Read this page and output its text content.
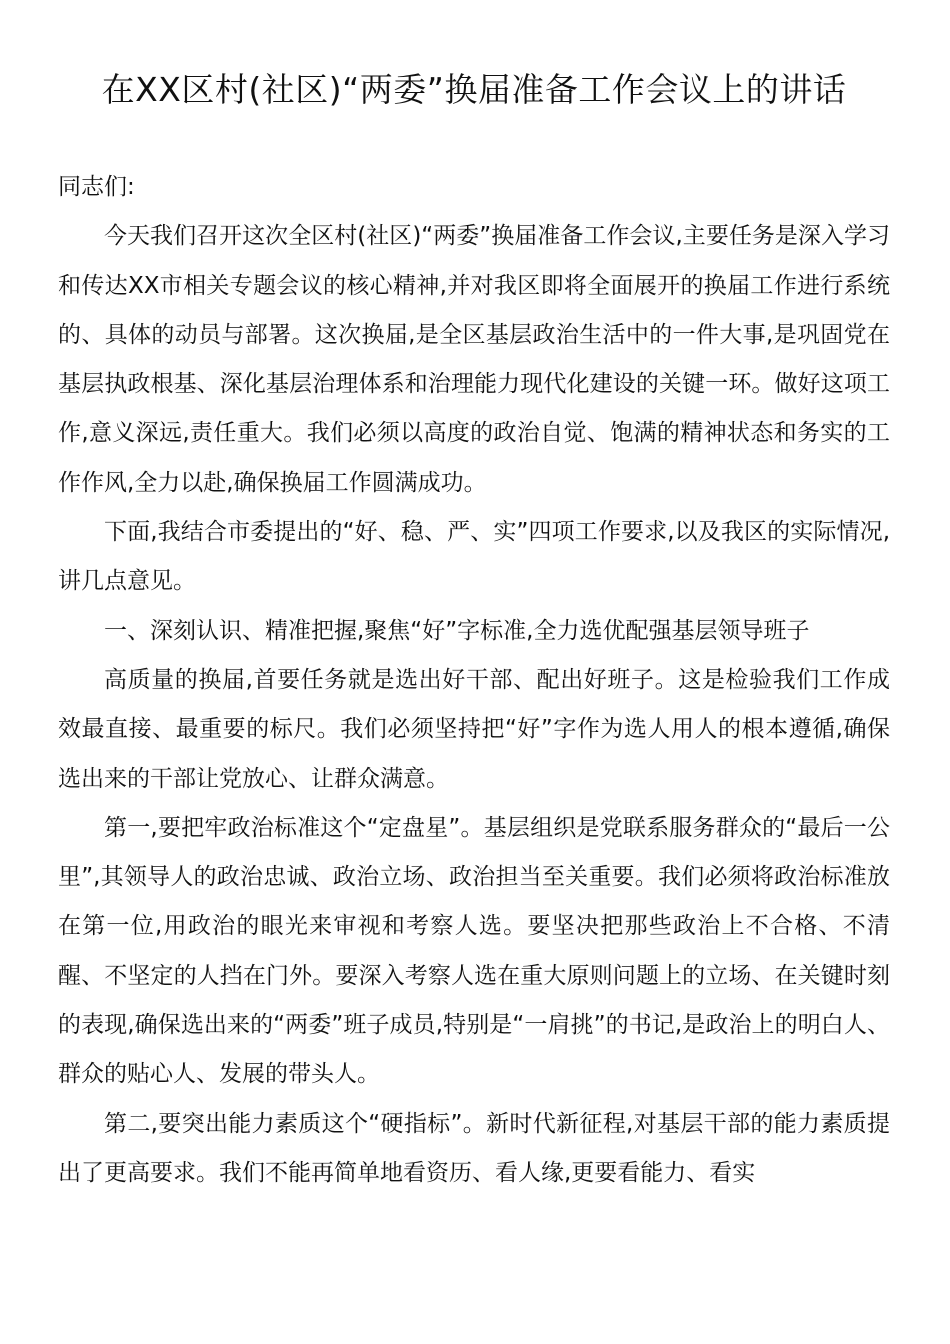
在XX区村(社区)“两委”换届准备工作会议上的讲话

同志们:

今天我们召开这次全区村(社区)“两委”换届准备工作会议,主要任务是深入学习和传达XX市相关专题会议的核心精神,并对我区即将全面展开的换届工作进行系统的、具体的动员与部署。这次换届,是全区基层政治生活中的一件大事,是巩固党在基层执政根基、深化基层治理体系和治理能力现代化建设的关键一环。做好这项工作,意义深远,责任重大。我们必须以高度的政治自觉、饱满的精神状态和务实的工作作风,全力以赴,确保换届工作圆满成功。

下面,我结合市委提出的“好、稳、严、实”四项工作要求,以及我区的实际情况,讲几点意见。

一、深刻认识、精准把握,聚焦“好”字标准,全力选优配强基层领导班子

高质量的换届,首要任务就是选出好干部、配出好班子。这是检验我们工作成效最直接、最重要的标尺。我们必须坚持把“好”字作为选人用人的根本遵循,确保选出来的干部让党放心、让群众满意。

第一,要把牢政治标准这个“定盘星”。基层组织是党联系服务群众的“最后一公里”,其领导人的政治忠诚、政治立场、政治担当至关重要。我们必须将政治标准放在第一位,用政治的眼光来审视和考察人选。要坚决把那些政治上不合格、不清醒、不坚定的人挡在门外。要深入考察人选在重大原则问题上的立场、在关键时刻的表现,确保选出来的“两委”班子成员,特别是“一肩挑”的书记,是政治上的明白人、群众的贴心人、发展的带头人。

第二,要突出能力素质这个“硬指标”。新时代新征程,对基层干部的能力素质提出了更高要求。我们不能再简单地看资历、看人缘,更要看能力、看实
